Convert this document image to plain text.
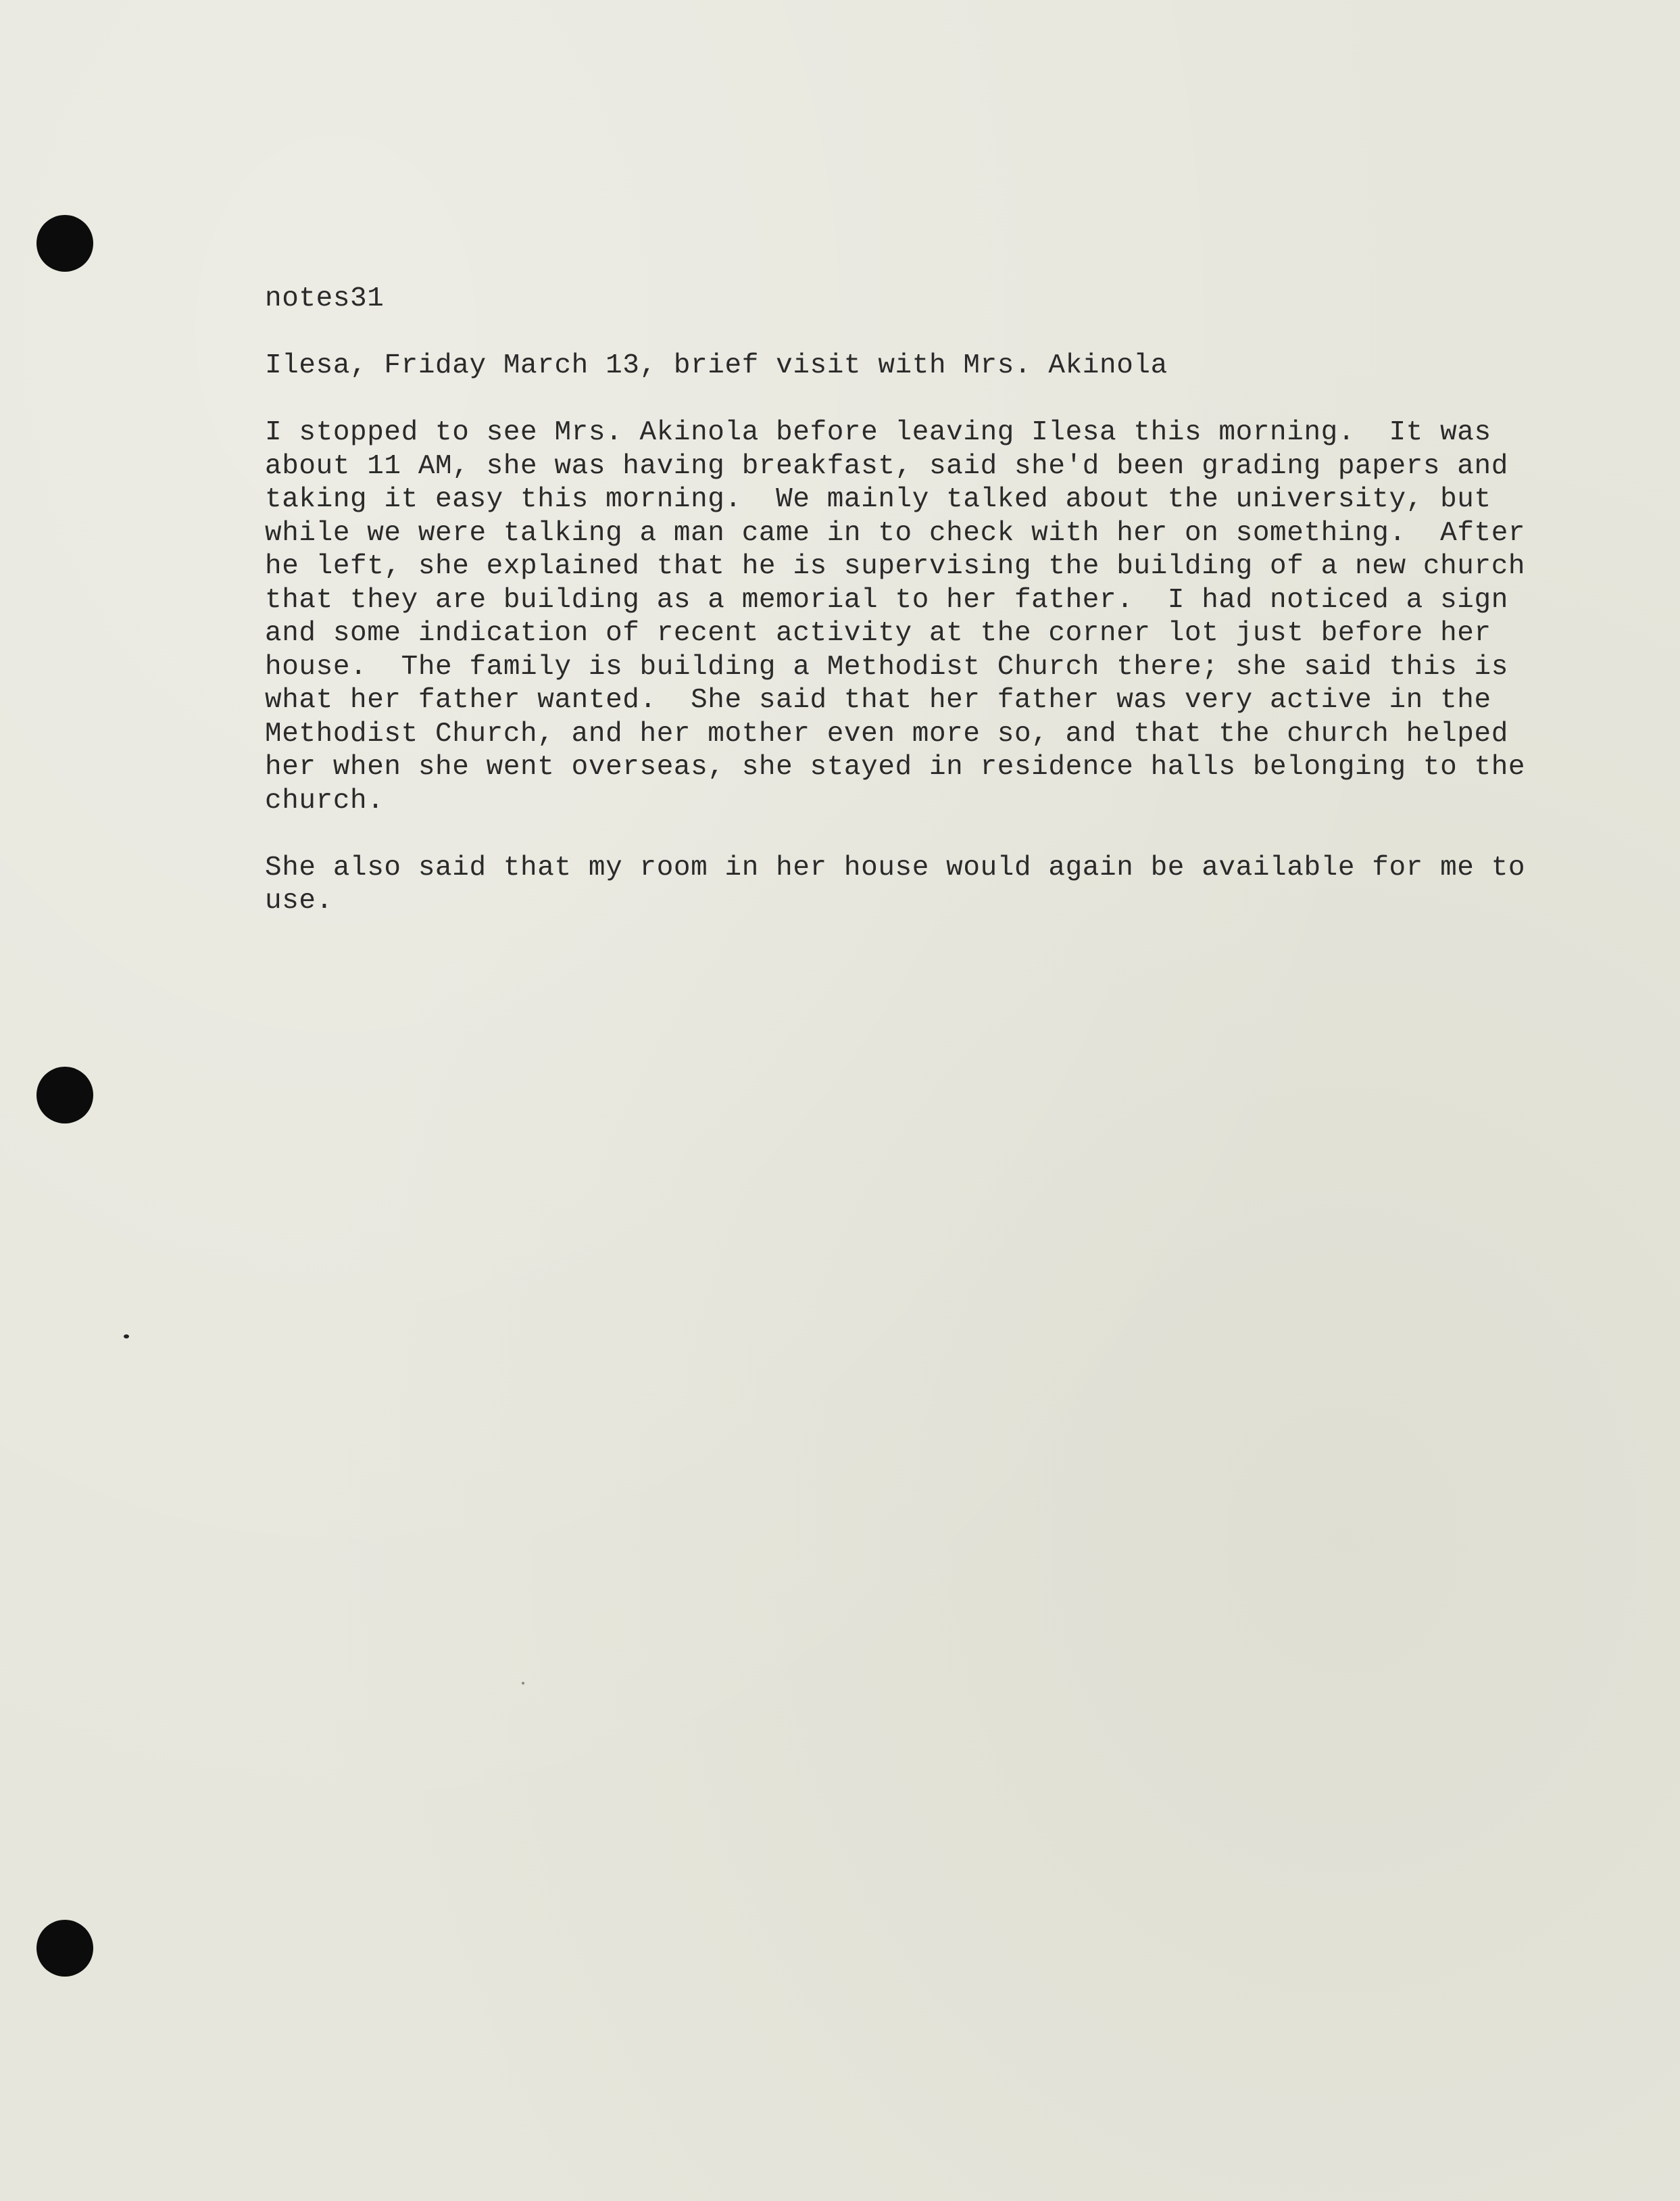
notes31
Ilesa, Friday March 13, brief visit with Mrs. Akinola
I stopped to see Mrs. Akinola before leaving Ilesa this morning.  It was
about 11 AM, she was having breakfast, said she'd been grading papers and
taking it easy this morning.  We mainly talked about the university, but
while we were talking a man came in to check with her on something.  After
he left, she explained that he is supervising the building of a new church
that they are building as a memorial to her father.  I had noticed a sign
and some indication of recent activity at the corner lot just before her
house.  The family is building a Methodist Church there; she said this is
what her father wanted.  She said that her father was very active in the
Methodist Church, and her mother even more so, and that the church helped
her when she went overseas, she stayed in residence halls belonging to the
church.
She also said that my room in her house would again be available for me to
use.
